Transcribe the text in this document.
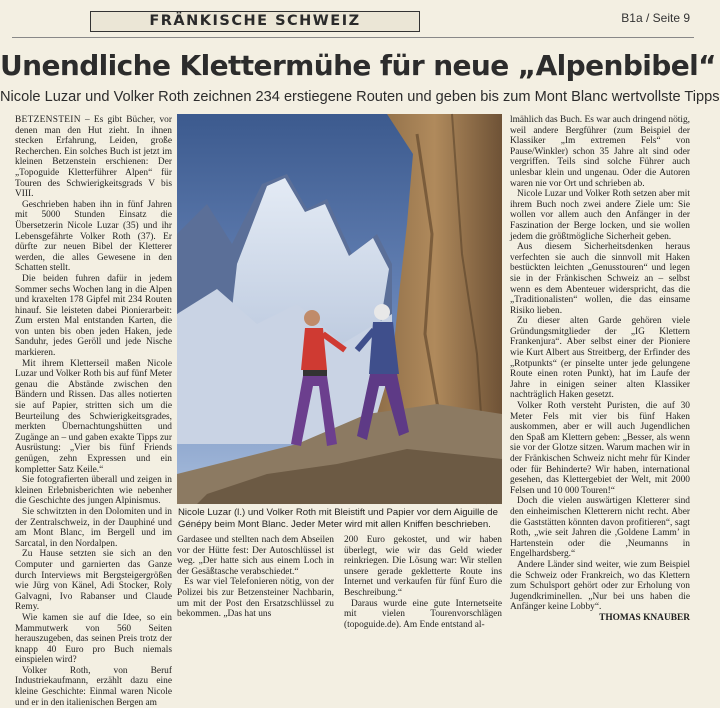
FRÄNKISCHE SCHWEIZ	B1a / Seite 9
Unendliche Klettermühe für neue „Alpenbibel“
Nicole Luzar und Volker Roth zeichnen 234 erstiegene Routen und geben bis zum Mont Blanc wertvollste Tipps

BETZENSTEIN – Es gibt Bücher, vor denen man den Hut zieht. In ihnen stecken Erfahrung, Leiden, große Recherchen. Ein solches Buch ist jetzt im kleinen Betzenstein erschienen: Der „Topoguide Kletterführer Alpen“ für Touren des Schwierigkeitsgrads V bis VIII.

Geschrieben haben ihn in fünf Jahren mit 5000 Stunden Einsatz die Übersetzerin Nicole Luzar (35) und ihr Lebensgefährte Volker Roth (37). Er dürfte zur neuen Bibel der Kletterer werden, die alles Gewesene in den Schatten stellt.

Die beiden fuhren dafür in jedem Sommer sechs Wochen lang in die Alpen und kraxelten 178 Gipfel mit 234 Routen hinauf. Sie leisteten dabei Pionierarbeit: Zum ersten Mal entstanden Karten, die von unten bis oben jeden Haken, jede Sanduhr, jedes Geröll und jede Nische markieren.

Mit ihrem Kletterseil maßen Nicole Luzar und Volker Roth bis auf fünf Meter genau die Abstände zwischen den Bändern und Rissen. Das alles notierten sie auf Papier, stritten sich um die Beurteilung des Schwierigkeitsgrades, merkten Übernachtungshütten und Zugänge an – und gaben exakte Tipps zur Ausrüstung: „Vier bis fünf Friends genügen, zehn Expressen und ein kompletter Satz Keile.“

Sie fotografierten überall und zeigen in kleinen Erlebnisberichten wie nebenher die Geschichte des jungen Alpinismus.

Sie schwitzten in den Dolomiten und in der Zentralschweiz, in der Dauphiné und am Mont Blanc, im Bergell und im Sarcatal, in den Nordalpen.

Zu Hause setzten sie sich an den Computer und garnierten das Ganze durch Interviews mit Bergsteigergrößen wie Jürg von Känel, Adi Stocker, Roly Galvagni, Ivo Rabanser und Claude Remy.

Wie kamen sie auf die Idee, so ein Mammutwerk von 560 Seiten herauszugeben, das seinen Preis trotz der knapp 40 Euro pro Buch niemals einspielen wird?

Volker Roth, von Beruf Industriekaufmann, erzählt dazu eine kleine Geschichte: Einmal waren Nicole und er in den italienischen Bergen am

Nicole Luzar (l.) und Volker Roth mit Bleistift und Papier vor dem Aiguille de Génépy beim Mont Blanc. Jeder Meter wird mit allen Kniffen beschrieben.

Gardasee und stellten nach dem Abseilen vor der Hütte fest: Der Autoschlüssel ist weg. „Der hatte sich aus einem Loch in der Gesäßtasche verabschiedet.“

Es war viel Telefonieren nötig, von der Polizei bis zur Betzensteiner Nachbarin, um mit der Post den Ersatzschlüssel zu bekommen. „Das hat uns

200 Euro gekostet, und wir haben überlegt, wie wir das Geld wieder reinkriegen. Die Lösung war: Wir stellen unsere gerade gekletterte Route ins Internet und verkaufen für fünf Euro die Beschreibung.“

Daraus wurde eine gute Internetseite mit vielen Tourenvorschlägen (topoguide.de). Am Ende entstand al-

lmählich das Buch. Es war auch dringend nötig, weil andere Bergführer (zum Beispiel der Klassiker „Im extremen Fels“ von Pause/Winkler) schon 35 Jahre alt sind oder vergriffen. Teils sind solche Führer auch unlesbar klein und ungenau. Oder die Autoren waren nie vor Ort und schrieben ab.

Nicole Luzar und Volker Roth setzen aber mit ihrem Buch noch zwei andere Ziele um: Sie wollen vor allem auch den Anfänger in der Faszination der Berge locken, und sie wollen jedem die größtmögliche Sicherheit geben.

Aus diesem Sicherheitsdenken heraus verfechten sie auch die sinnvoll mit Haken bestückten leichten „Genusstouren“ und legen sie in der Fränkischen Schweiz an – selbst wenn es dem Abenteuer widerspricht, das die „Traditionalisten“ wollen, die das einsame Risiko lieben.

Zu dieser alten Garde gehören viele Gründungsmitglieder der „IG Klettern Frankenjura“. Aber selbst einer der Pioniere wie Kurt Albert aus Streitberg, der Erfinder des „Rotpunkts“ (er pinselte unter jede gelungene Route einen roten Punkt), hat im Laufe der Jahre in einigen seiner alten Klassiker nachträglich Haken gesetzt.

Volker Roth versteht Puristen, die auf 30 Meter Fels mit vier bis fünf Haken auskommen, aber er will auch Jugendlichen den Spaß am Klettern geben: „Besser, als wenn sie vor der Glotze sitzen. Warum machen wir in der Fränkischen Schweiz nicht mehr für Kinder oder für Behinderte? Wir haben, international gesehen, das Klettergebiet der Welt, mit 2000 Felsen und 10 000 Touren!“

Doch die vielen auswärtigen Kletterer sind den einheimischen Kletterern nicht recht. Aber die Gaststätten könnten davon profitieren“, sagt Roth, „wie seit Jahren die ,Goldene Lamm’ in Hartenstein oder die ,Neumanns in Engelhardsberg.“

Andere Länder sind weiter, wie zum Beispiel die Schweiz oder Frankreich, wo das Klettern zum Schulsport gehört oder zur Erholung von Jugendkriminellen. „Nur bei uns haben die Anfänger keine Lobby“.

THOMAS KNAUBER
